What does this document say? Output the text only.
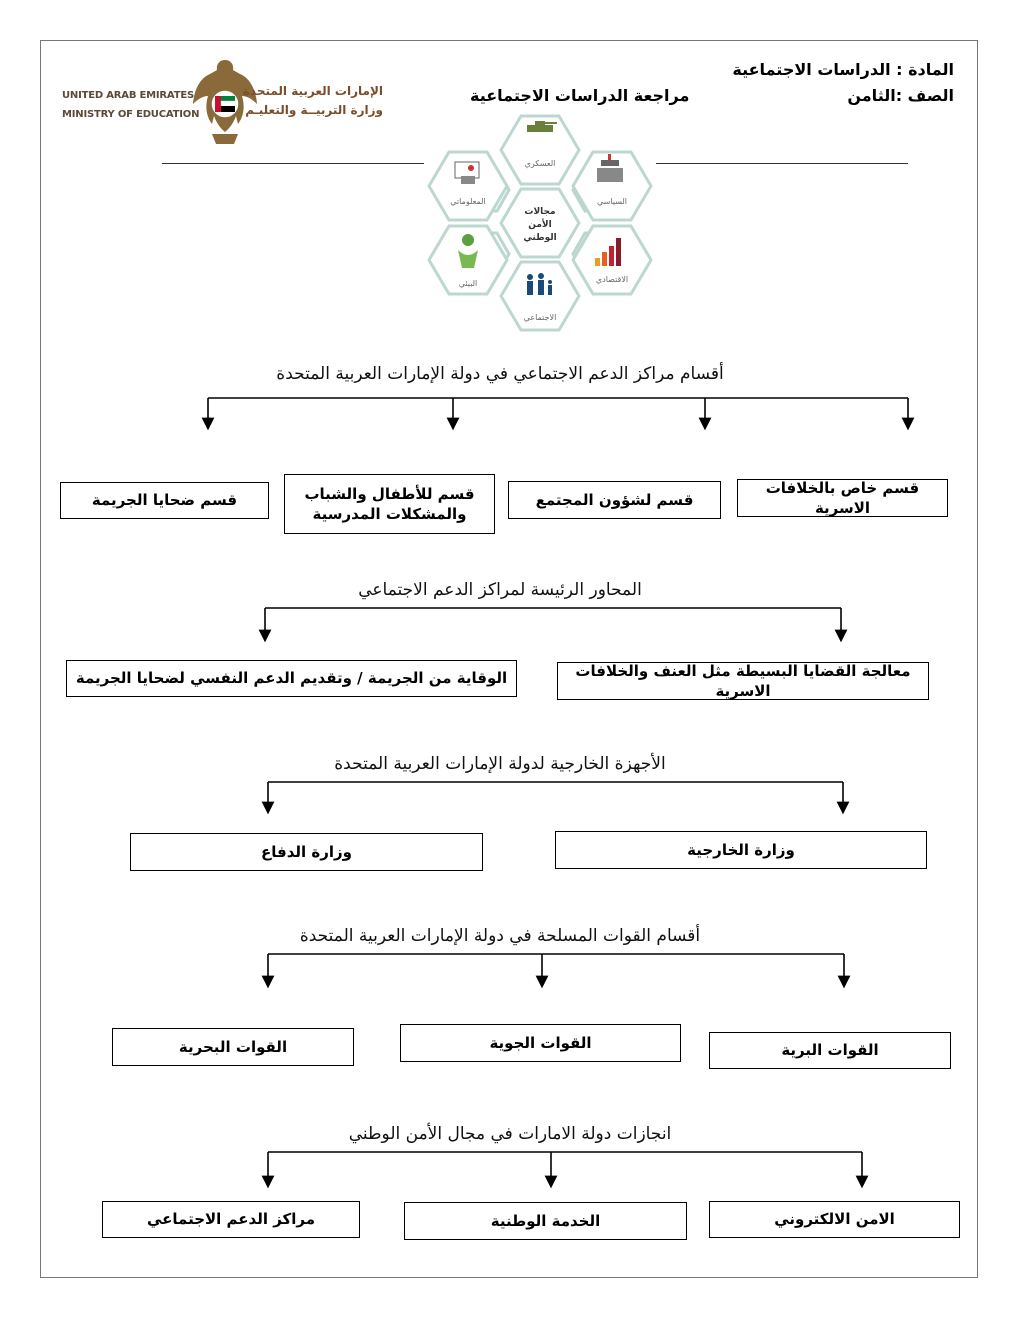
UNITED ARAB EMIRATES
MINISTRY OF EDUCATION
الإمارات العربية المتحدة
وزارة التربيــة والتعليـم
المادة : الدراسات الاجتماعية
الصف :الثامن
مراجعة الدراسات الاجتماعية
العسكري
السياسي
الاقتصادي
الاجتماعي
البيئي
المعلوماتي
مجالات
الأمن
الوطني
أقسام مراكز الدعم الاجتماعي في دولة الإمارات العربية المتحدة
قسم خاص بالخلافات الاسرية
قسم لشؤون المجتمع
قسم للأطفال والشباب والمشكلات المدرسية
قسم ضحايا الجريمة
المحاور الرئيسة لمراكز الدعم الاجتماعي
معالجة القضايا البسيطة مثل العنف والخلافات الاسرية
الوقاية من الجريمة / وتقديم الدعم النفسي لضحايا الجريمة
الأجهزة الخارجية لدولة الإمارات العربية المتحدة
وزارة الخارجية
وزارة الدفاع
أقسام القوات المسلحة في دولة الإمارات العربية المتحدة
القوات البرية
القوات الجوية
القوات البحرية
انجازات دولة الامارات في مجال الأمن الوطني
الامن الالكتروني
الخدمة الوطنية
مراكز الدعم الاجتماعي
